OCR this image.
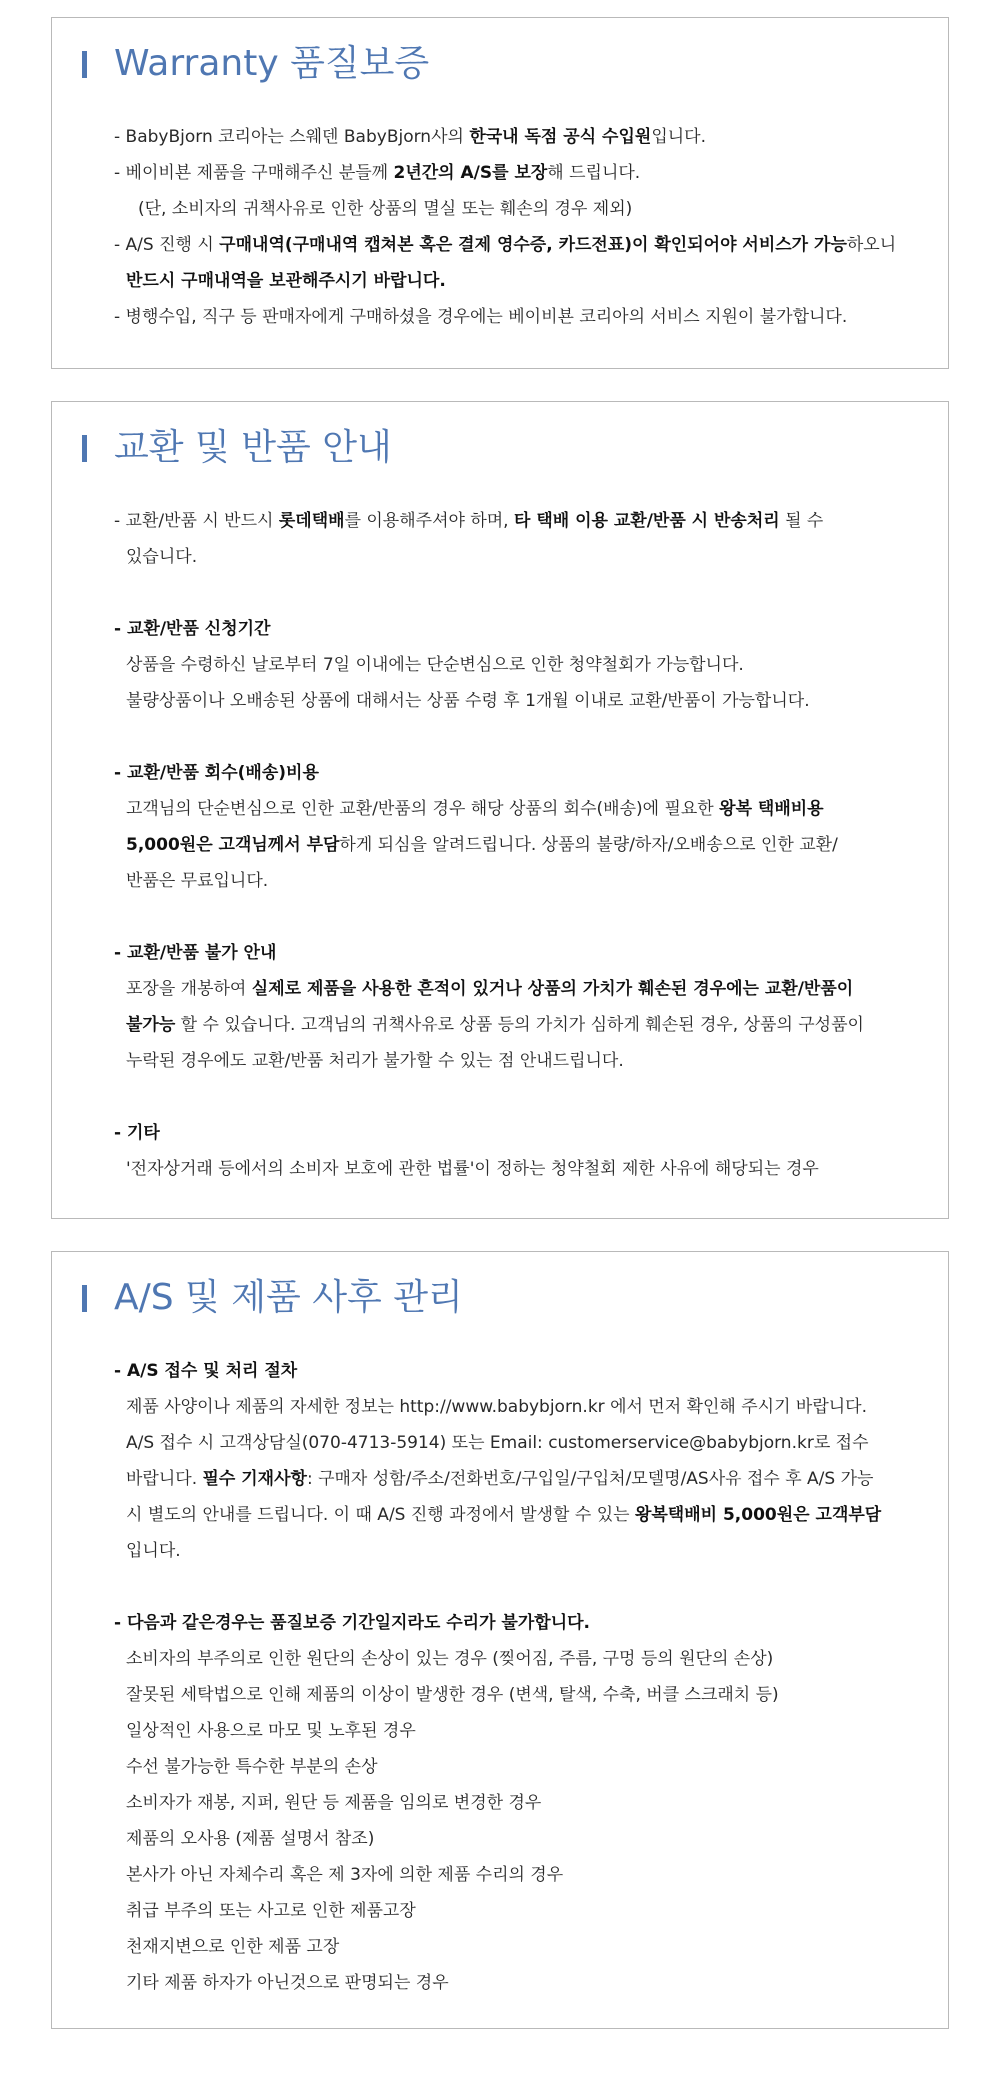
Warranty 품질보증
- BabyBjorn 코리아는 스웨덴 BabyBjorn사의 한국내 독점 공식 수입원입니다.
- 베이비뵨 제품을 구매해주신 분들께 2년간의 A/S를 보장해 드립니다.
(단, 소비자의 귀책사유로 인한 상품의 멸실 또는 훼손의 경우 제외)
- A/S 진행 시 구매내역(구매내역 캡쳐본 혹은 결제 영수증, 카드전표)이 확인되어야 서비스가 가능하오니
반드시 구매내역을 보관해주시기 바랍니다.
- 병행수입, 직구 등 판매자에게 구매하셨을 경우에는 베이비뵨 코리아의 서비스 지원이 불가합니다.
교환 및 반품 안내
- 교환/반품 시 반드시 롯데택배를 이용해주셔야 하며, 타 택배 이용 교환/반품 시 반송처리 될 수
있습니다.
- 교환/반품 신청기간
상품을 수령하신 날로부터 7일 이내에는 단순변심으로 인한 청약철회가 가능합니다.
불량상품이나 오배송된 상품에 대해서는 상품 수령 후 1개월 이내로 교환/반품이 가능합니다.
- 교환/반품 회수(배송)비용
고객님의 단순변심으로 인한 교환/반품의 경우 해당 상품의 회수(배송)에 필요한 왕복 택배비용
5,000원은 고객님께서 부담하게 되심을 알려드립니다. 상품의 불량/하자/오배송으로 인한 교환/
반품은 무료입니다.
- 교환/반품 불가 안내
포장을 개봉하여 실제로 제품을 사용한 흔적이 있거나 상품의 가치가 훼손된 경우에는 교환/반품이
불가능 할 수 있습니다. 고객님의 귀책사유로 상품 등의 가치가 심하게 훼손된 경우, 상품의 구성품이
누락된 경우에도 교환/반품 처리가 불가할 수 있는 점 안내드립니다.
- 기타
'전자상거래 등에서의 소비자 보호에 관한 법률'이 정하는 청약철회 제한 사유에 해당되는 경우
A/S 및 제품 사후 관리
- A/S 접수 및 처리 절차
제품 사양이나 제품의 자세한 정보는 http://www.babybjorn.kr 에서 먼저 확인해 주시기 바랍니다.
A/S 접수 시 고객상담실(070-4713-5914) 또는 Email: customerservice@babybjorn.kr로 접수
바랍니다. 필수 기재사항: 구매자 성함/주소/전화번호/구입일/구입처/모델명/AS사유 접수 후 A/S 가능
시 별도의 안내를 드립니다. 이 때 A/S 진행 과정에서 발생할 수 있는 왕복택배비 5,000원은 고객부담
입니다.
- 다음과 같은경우는 품질보증 기간일지라도 수리가 불가합니다.
소비자의 부주의로 인한 원단의 손상이 있는 경우 (찢어짐, 주름, 구멍 등의 원단의 손상)
잘못된 세탁법으로 인해 제품의 이상이 발생한 경우 (변색, 탈색, 수축, 버클 스크래치 등)
일상적인 사용으로 마모 및 노후된 경우
수선 불가능한 특수한 부분의 손상
소비자가 재봉, 지퍼, 원단 등 제품을 임의로 변경한 경우
제품의 오사용 (제품 설명서 참조)
본사가 아닌 자체수리 혹은 제 3자에 의한 제품 수리의 경우
취급 부주의 또는 사고로 인한 제품고장
천재지변으로 인한 제품 고장
기타 제품 하자가 아닌것으로 판명되는 경우
